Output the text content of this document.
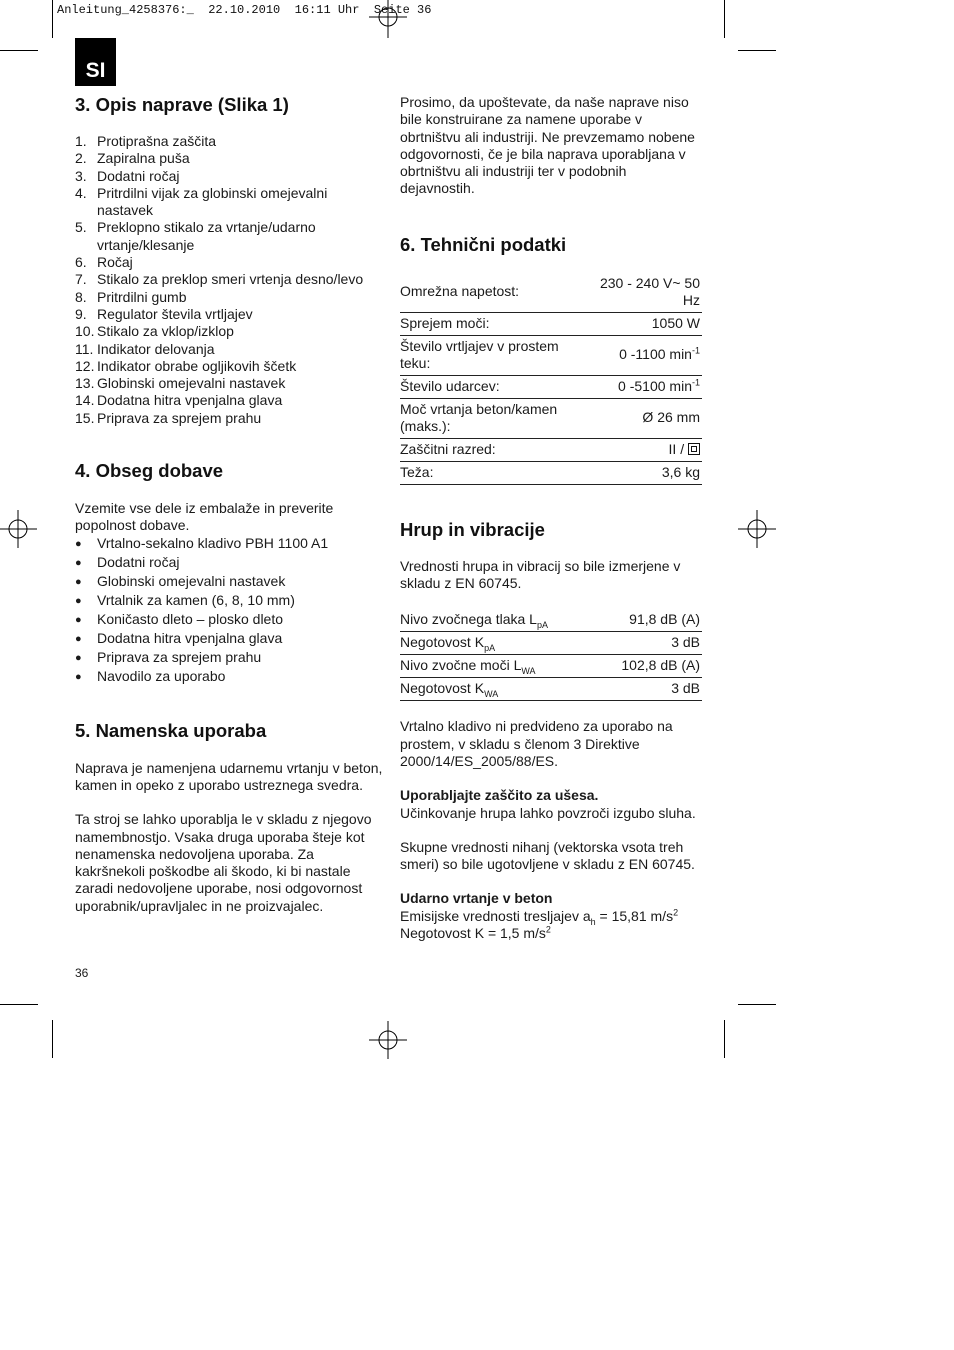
Anleitung_4258376:_  22.10.2010  16:11 Uhr  Seite 36
SI
3. Opis naprave (Slika 1)
1. Protiprašna zaščita
2. Zapiralna puša
3. Dodatni ročaj
4. Pritrdilni vijak za globinski omejevalni nastavek
5. Preklopno stikalo za vrtanje/udarno vrtanje/klesanje
6. Ročaj
7. Stikalo za preklop smeri vrtenja desno/levo
8. Pritrdilni gumb
9. Regulator števila vrtljajev
10. Stikalo za vklop/izklop
11. Indikator delovanja
12. Indikator obrabe ogljikovih ščetk
13. Globinski omejevalni nastavek
14. Dodatna hitra vpenjalna glava
15. Priprava za sprejem prahu
4. Obseg dobave

Vzemite vse dele iz embalaže in preverite popolnost dobave.

●	Vrtalno-sekalno kladivo PBH 1100 A1
●	Dodatni ročaj
●	Globinski omejevalni nastavek
●	Vrtalnik za kamen (6, 8, 10 mm)
●	Koničasto dleto – plosko dleto
●	Dodatna hitra vpenjalna glava
●	Priprava za sprejem prahu
●	Navodilo za uporabo
5. Namenska uporaba

Naprava je namenjena udarnemu vrtanju v beton, kamen in opeko z uporabo ustreznega svedra.

Ta stroj se lahko uporablja le v skladu z njegovo namembnostjo. Vsaka druga uporaba šteje kot nenamenska nedovoljena uporaba. Za kakršnekoli poškodbe ali škodo, ki bi nastale zaradi nedovoljene uporabe, nosi odgovornost uporabnik/upravljalec in ne proizvajalec.

Prosimo, da upoštevate, da naše naprave niso bile konstruirane za namene uporabe v obrtništvu ali industriji. Ne prevzemamo nobene odgovornosti, če je bila naprava uporabljana v obrtništvu ali industriji ter v podobnih dejavnostih.

6. Tehnični podatki
Omrežna napetost:	230 - 240 V~ 50 Hz
Sprejem moči:	1050 W
Število vrtljajev v prostem teku:	0 -1100 $\min^{-1}$
Število udarcev:	0 -5100 $\min^{-1}$
Moč vrtanja beton/kamen (maks.):	Ø 26 mm
Zaščitni razred:	II /
Teža:	3,6 kg
Hrup in vibracije

Vrednosti hrupa in vibracij so bile izmerjene v skladu z EN 60745.

Nivo zvočnega tlaka $L_{pA}$	91,8 dB (A)
Negotovost $K_{pA}$	3 dB
Nivo zvočne moči $L_{WA}$	102,8 dB (A)
Negotovost $K_{WA}$	3 dB

Vrtalno kladivo ni predvideno za uporabo na prostem, v skladu s členom 3 Direktive 2000/14/ES_2005/88/ES.

Uporabljajte zaščito za ušesa.

Učinkovanje hrupa lahko povzroči izgubo sluha.

Skupne vrednosti nihanj (vektorska vsota treh smeri) so bile ugotovljene v skladu z EN 60745.

Udarno vrtanje v beton

Emisijske vrednosti tresljajev $a_h = 15,81$ $m/s^2$

Negotovost K = 1,5 $m/s^2$

36
